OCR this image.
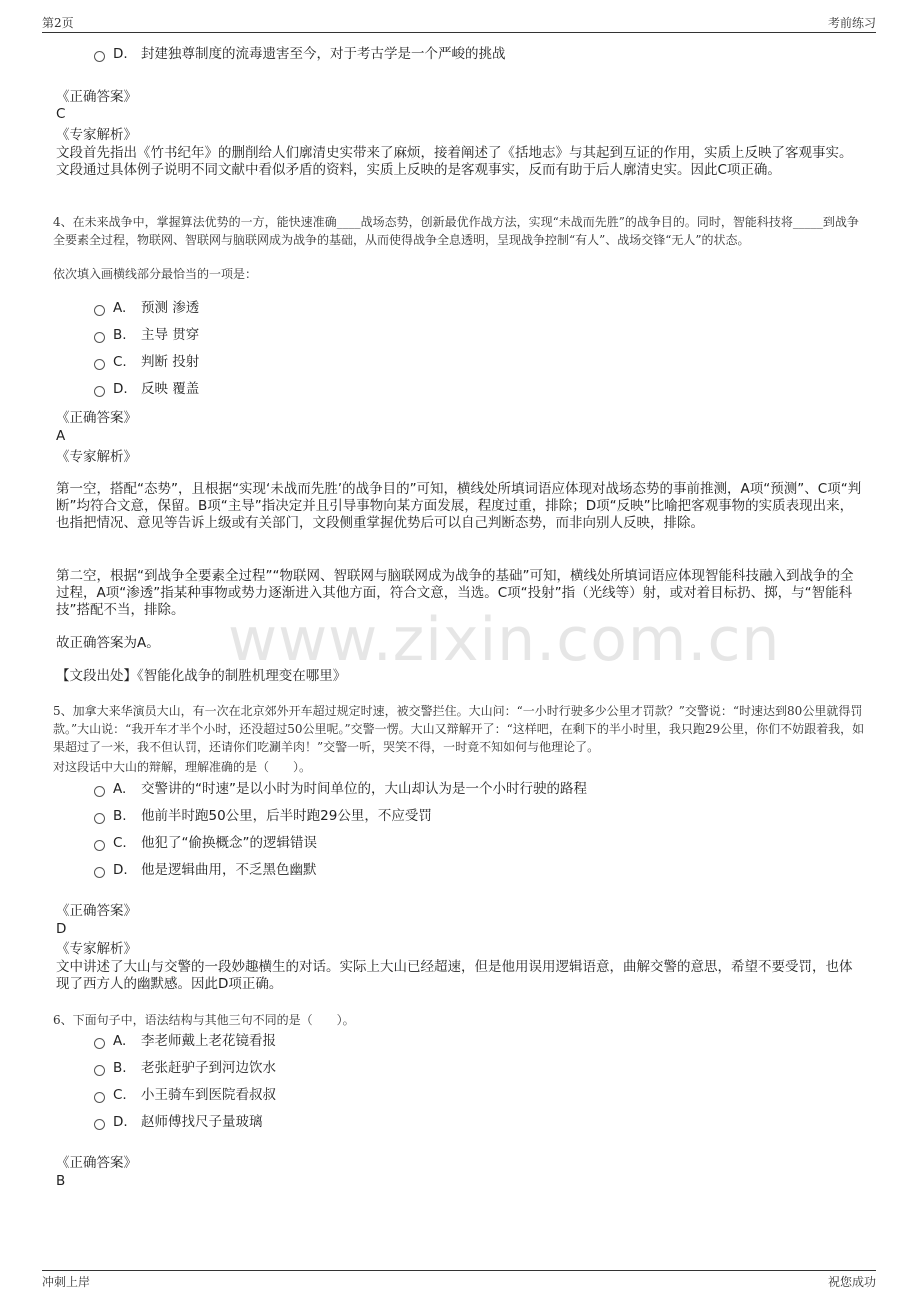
第2页	考前练习
www.zixin.com.cn
D. 封建独尊制度的流毒遗害至今，对于考古学是一个严峻的挑战
《正确答案》
C
《专家解析》
文段首先指出《竹书纪年》的删削给人们廓清史实带来了麻烦，接着阐述了《括地志》与其起到互证的作用，实质上反映了客观事实。文段通过具体例子说明不同文献中看似矛盾的资料，实质上反映的是客观事实，反而有助于后人廓清史实。因此C项正确。
4、在未来战争中，掌握算法优势的一方，能快速准确____战场态势，创新最优作战方法，实现“未战而先胜”的战争目的。同时，智能科技将_____到战争全要素全过程，物联网、智联网与脑联网成为战争的基础，从而使得战争全息透明，呈现战争控制“有人”、战场交锋“无人”的状态。
依次填入画横线部分最恰当的一项是：
A. 预测 渗透
B. 主导 贯穿
C. 判断 投射
D. 反映 覆盖
《正确答案》
A
《专家解析》
第一空，搭配“态势”，且根据“实现‘未战而先胜’的战争目的”可知，横线处所填词语应体现对战场态势的事前推测，A项“预测”、C项“判断”均符合文意，保留。B项“主导”指决定并且引导事物向某方面发展，程度过重，排除；D项“反映”比喻把客观事物的实质表现出来，也指把情况、意见等告诉上级或有关部门，文段侧重掌握优势后可以自己判断态势，而非向别人反映，排除。
第二空，根据“到战争全要素全过程”“物联网、智联网与脑联网成为战争的基础”可知，横线处所填词语应体现智能科技融入到战争的全过程，A项“渗透”指某种事物或势力逐渐进入其他方面，符合文意，当选。C项“投射”指（光线等）射，或对着目标扔、掷，与“智能科技”搭配不当，排除。
故正确答案为A。
【文段出处】《智能化战争的制胜机理变在哪里》
5、加拿大来华演员大山，有一次在北京郊外开车超过规定时速，被交警拦住。大山问：“一小时行驶多少公里才罚款？”交警说：“时速达到80公里就得罚款。”大山说：“我开车才半个小时，还没超过50公里呢。”交警一愣。大山又辩解开了：“这样吧，在剩下的半小时里，我只跑29公里，你们不妨跟着我，如果超过了一米，我不但认罚，还请你们吃涮羊肉！”交警一听，哭笑不得，一时竟不知如何与他理论了。
对这段话中大山的辩解，理解准确的是（　　）。
A. 交警讲的“时速”是以小时为时间单位的，大山却认为是一个小时行驶的路程
B. 他前半时跑50公里，后半时跑29公里，不应受罚
C. 他犯了“偷换概念”的逻辑错误
D. 他是逻辑曲用，不乏黑色幽默
《正确答案》
D
《专家解析》
文中讲述了大山与交警的一段妙趣横生的对话。实际上大山已经超速，但是他用误用逻辑语意，曲解交警的意思，希望不要受罚，也体现了西方人的幽默感。因此D项正确。
6、下面句子中，语法结构与其他三句不同的是（　　）。
A. 李老师戴上老花镜看报
B. 老张赶驴子到河边饮水
C. 小王骑车到医院看叔叔
D. 赵师傅找尺子量玻璃
《正确答案》
B
冲刺上岸	祝您成功
